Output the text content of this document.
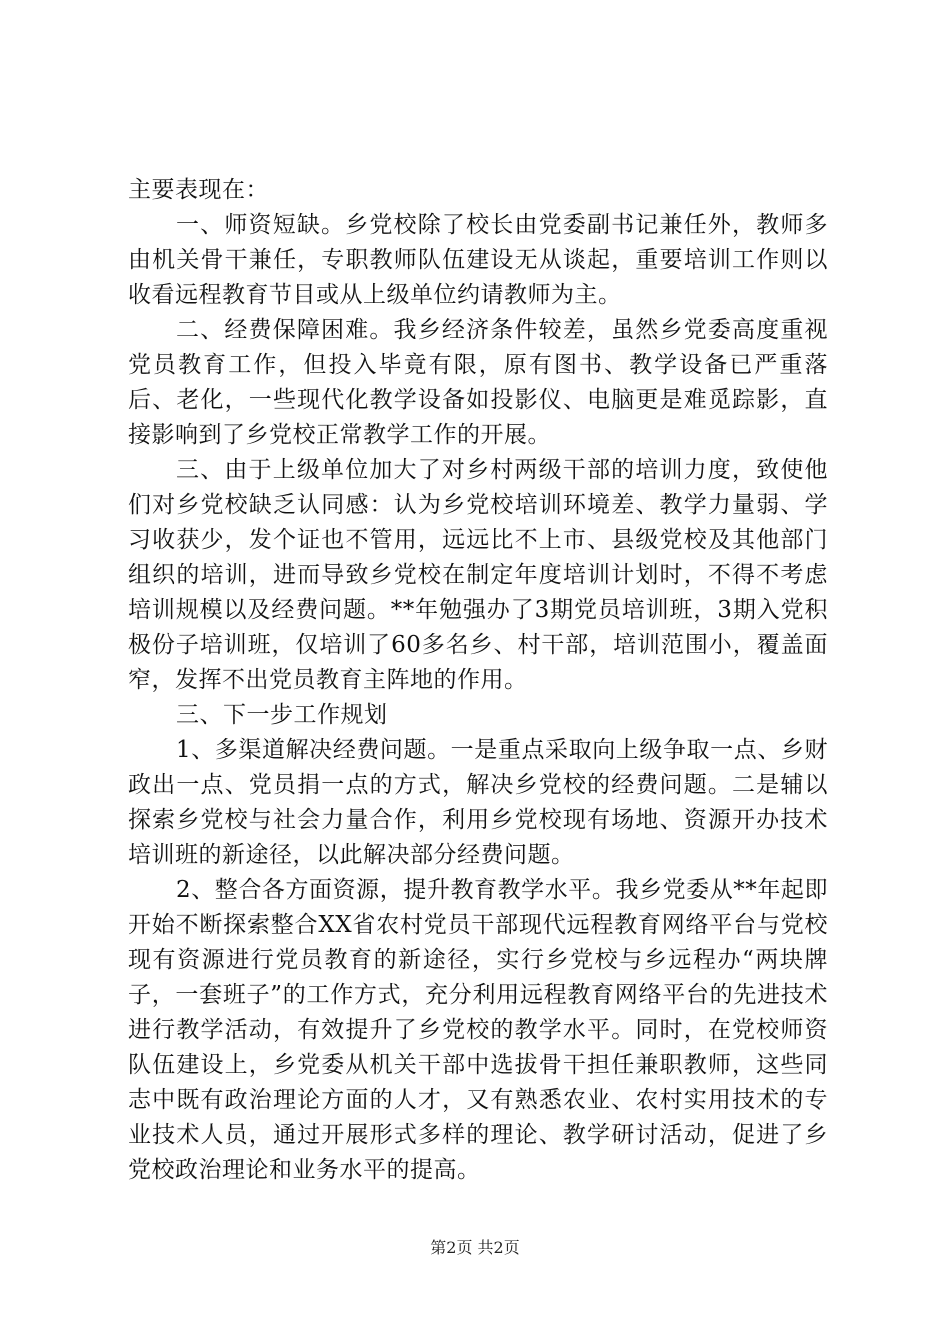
主要表现在：

一、师资短缺。乡党校除了校长由党委副书记兼任外，教师多由机关骨干兼任，专职教师队伍建设无从谈起，重要培训工作则以收看远程教育节目或从上级单位约请教师为主。

二、经费保障困难。我乡经济条件较差，虽然乡党委高度重视党员教育工作，但投入毕竟有限，原有图书、教学设备已严重落后、老化，一些现代化教学设备如投影仪、电脑更是难觅踪影，直接影响到了乡党校正常教学工作的开展。

三、由于上级单位加大了对乡村两级干部的培训力度，致使他们对乡党校缺乏认同感：认为乡党校培训环境差、教学力量弱、学习收获少，发个证也不管用，远远比不上市、县级党校及其他部门组织的培训，进而导致乡党校在制定年度培训计划时，不得不考虑培训规模以及经费问题。**年勉强办了3期党员培训班，3期入党积极份子培训班，仅培训了60多名乡、村干部，培训范围小，覆盖面窄，发挥不出党员教育主阵地的作用。

三、下一步工作规划

1、多渠道解决经费问题。一是重点采取向上级争取一点、乡财政出一点、党员捐一点的方式，解决乡党校的经费问题。二是辅以探索乡党校与社会力量合作，利用乡党校现有场地、资源开办技术培训班的新途径，以此解决部分经费问题。

2、整合各方面资源，提升教育教学水平。我乡党委从**年起即开始不断探索整合XX省农村党员干部现代远程教育网络平台与党校现有资源进行党员教育的新途径，实行乡党校与乡远程办“两块牌子，一套班子”的工作方式，充分利用远程教育网络平台的先进技术进行教学活动，有效提升了乡党校的教学水平。同时，在党校师资队伍建设上，乡党委从机关干部中选拔骨干担任兼职教师，这些同志中既有政治理论方面的人才，又有熟悉农业、农村实用技术的专业技术人员，通过开展形式多样的理论、教学研讨活动，促进了乡党校政治理论和业务水平的提高。

第2页 共2页
